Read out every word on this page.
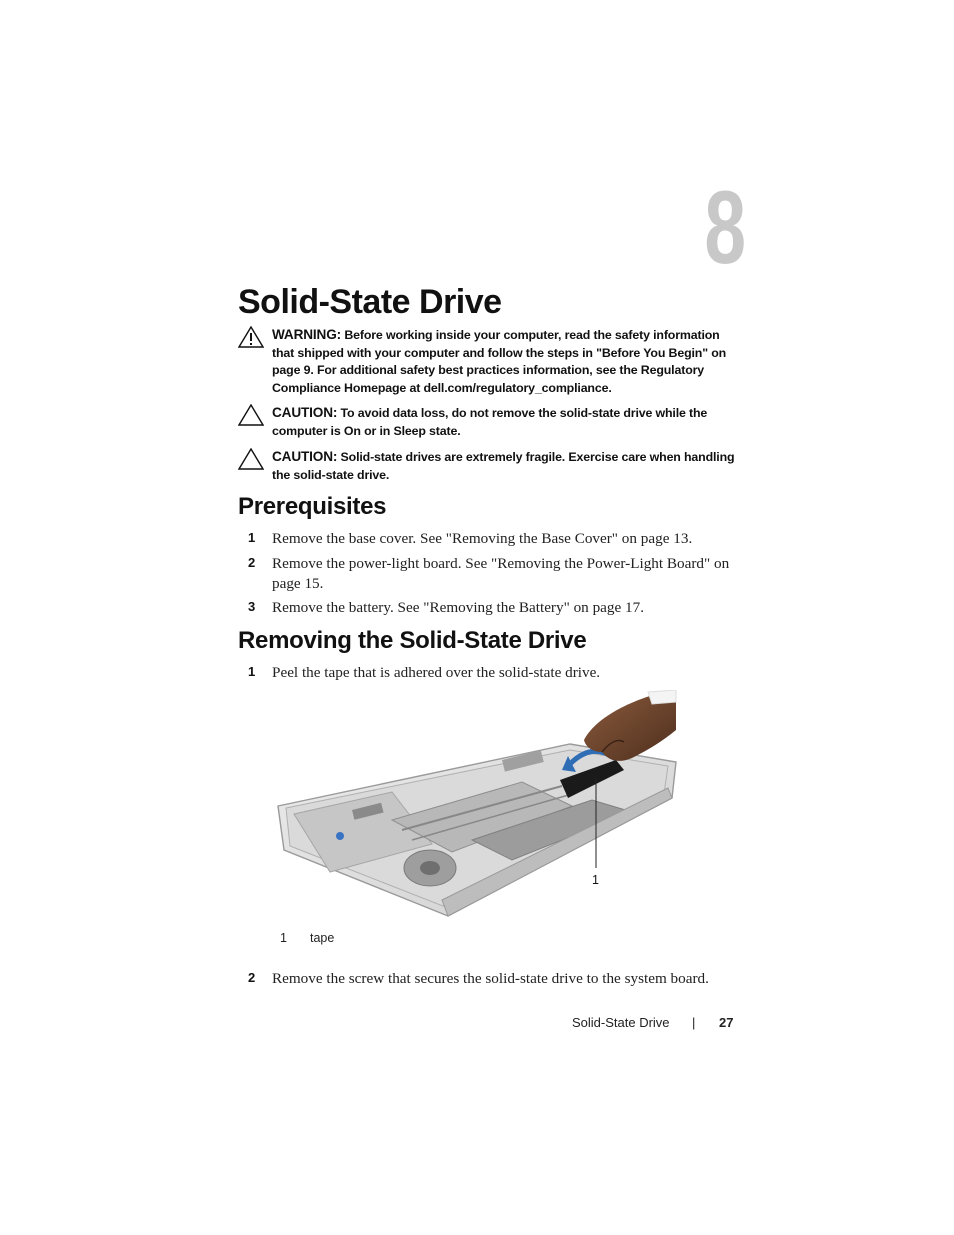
8
Solid-State Drive
WARNING: Before working inside your computer, read the safety information that shipped with your computer and follow the steps in "Before You Begin" on page 9. For additional safety best practices information, see the Regulatory Compliance Homepage at dell.com/regulatory_compliance.
CAUTION: To avoid data loss, do not remove the solid-state drive while the computer is On or in Sleep state.
CAUTION: Solid-state drives are extremely fragile. Exercise care when handling the solid-state drive.
Prerequisites
1 Remove the base cover. See "Removing the Base Cover" on page 13.
2 Remove the power-light board. See "Removing the Power-Light Board" on page 15.
3 Remove the battery. See "Removing the Battery" on page 17.
Removing the Solid-State Drive
1 Peel the tape that is adhered over the solid-state drive.
1
1 tape
2 Remove the screw that secures the solid-state drive to the system board.
Solid-State Drive | 27
